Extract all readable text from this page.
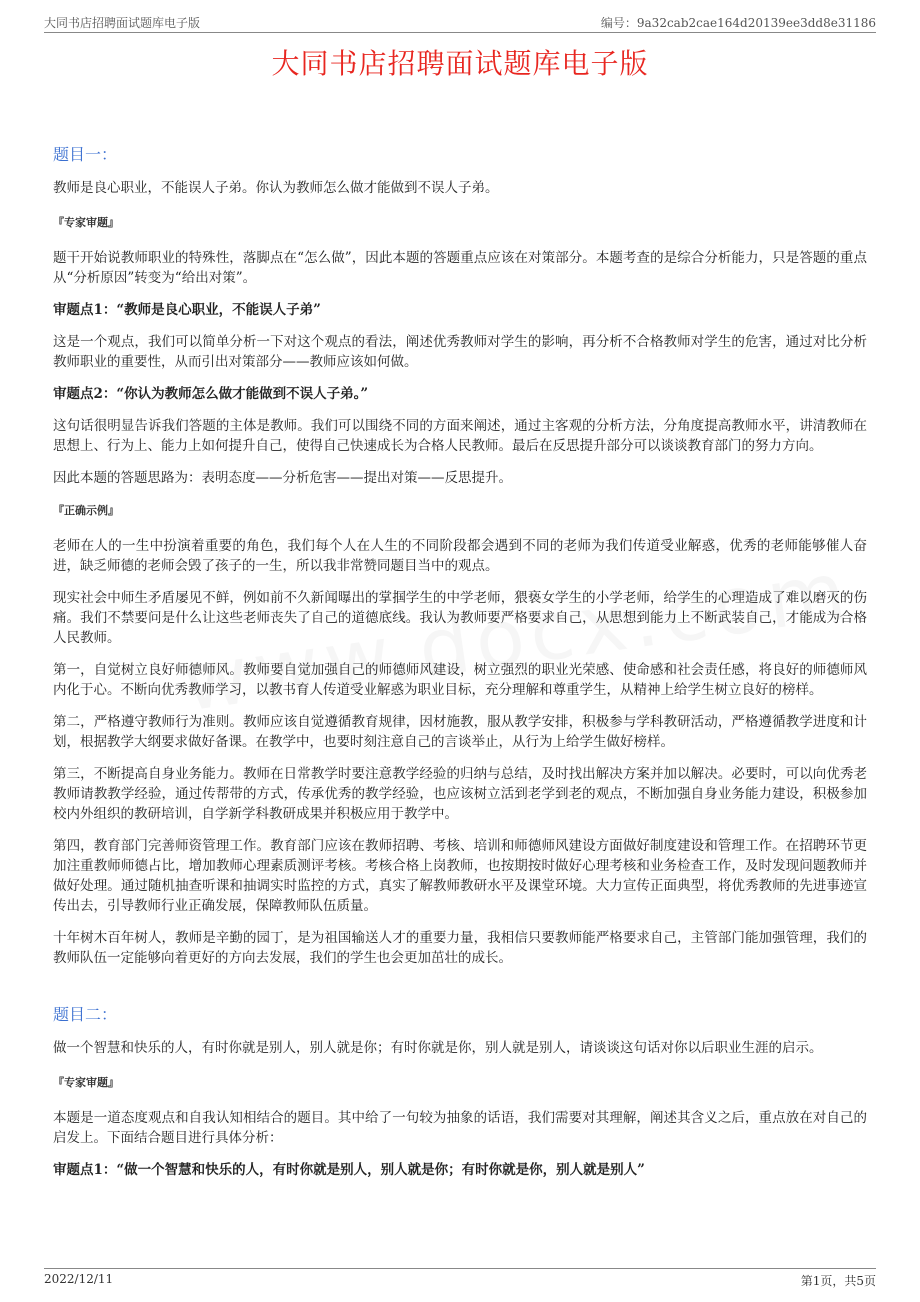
大同书店招聘面试题库电子版	编号：9a32cab2cae164d20139ee3dd8e31186
大同书店招聘面试题库电子版
题目一：

教师是良心职业，不能误人子弟。你认为教师怎么做才能做到不误人子弟。

『专家审题』

题干开始说教师职业的特殊性，落脚点在“怎么做”，因此本题的答题重点应该在对策部分。本题考查的是综合分析能力，只是答题的重点从“分析原因”转变为“给出对策”。

审题点1：“教师是良心职业，不能误人子弟”

这是一个观点，我们可以简单分析一下对这个观点的看法，阐述优秀教师对学生的影响，再分析不合格教师对学生的危害，通过对比分析教师职业的重要性，从而引出对策部分——教师应该如何做。

审题点2：“你认为教师怎么做才能做到不误人子弟。”

这句话很明显告诉我们答题的主体是教师。我们可以围绕不同的方面来阐述，通过主客观的分析方法，分角度提高教师水平，讲清教师在思想上、行为上、能力上如何提升自己，使得自己快速成长为合格人民教师。最后在反思提升部分可以谈谈教育部门的努力方向。

因此本题的答题思路为：表明态度——分析危害——提出对策——反思提升。

『正确示例』

老师在人的一生中扮演着重要的角色，我们每个人在人生的不同阶段都会遇到不同的老师为我们传道受业解惑，优秀的老师能够催人奋进，缺乏师德的老师会毁了孩子的一生，所以我非常赞同题目当中的观点。

现实社会中师生矛盾屡见不鲜，例如前不久新闻曝出的掌掴学生的中学老师，猥亵女学生的小学老师，给学生的心理造成了难以磨灭的伤痛。我们不禁要问是什么让这些老师丧失了自己的道德底线。我认为教师要严格要求自己，从思想到能力上不断武装自己，才能成为合格人民教师。

第一，自觉树立良好师德师风。教师要自觉加强自己的师德师风建设，树立强烈的职业光荣感、使命感和社会责任感，将良好的师德师风内化于心。不断向优秀教师学习，以教书育人传道受业解惑为职业目标，充分理解和尊重学生，从精神上给学生树立良好的榜样。

第二，严格遵守教师行为准则。教师应该自觉遵循教育规律，因材施教，服从教学安排，积极参与学科教研活动，严格遵循教学进度和计划，根据教学大纲要求做好备课。在教学中，也要时刻注意自己的言谈举止，从行为上给学生做好榜样。

第三，不断提高自身业务能力。教师在日常教学时要注意教学经验的归纳与总结，及时找出解决方案并加以解决。必要时，可以向优秀老教师请教教学经验，通过传帮带的方式，传承优秀的教学经验，也应该树立活到老学到老的观点，不断加强自身业务能力建设，积极参加校内外组织的教研培训，自学新学科教研成果并积极应用于教学中。

第四，教育部门完善师资管理工作。教育部门应该在教师招聘、考核、培训和师德师风建设方面做好制度建设和管理工作。在招聘环节更加注重教师师德占比，增加教师心理素质测评考核。考核合格上岗教师，也按期按时做好心理考核和业务检查工作，及时发现问题教师并做好处理。通过随机抽查听课和抽调实时监控的方式，真实了解教师教研水平及课堂环境。大力宣传正面典型，将优秀教师的先进事迹宣传出去，引导教师行业正确发展，保障教师队伍质量。

十年树木百年树人，教师是辛勤的园丁，是为祖国输送人才的重要力量，我相信只要教师能严格要求自己，主管部门能加强管理，我们的教师队伍一定能够向着更好的方向去发展，我们的学生也会更加茁壮的成长。

题目二：

做一个智慧和快乐的人，有时你就是别人，别人就是你；有时你就是你，别人就是别人，请谈谈这句话对你以后职业生涯的启示。

『专家审题』

本题是一道态度观点和自我认知相结合的题目。其中给了一句较为抽象的话语，我们需要对其理解，阐述其含义之后，重点放在对自己的启发上。下面结合题目进行具体分析：

审题点1：“做一个智慧和快乐的人，有时你就是别人，别人就是你；有时你就是你，别人就是别人”

2022/12/11	第1页，共5页
